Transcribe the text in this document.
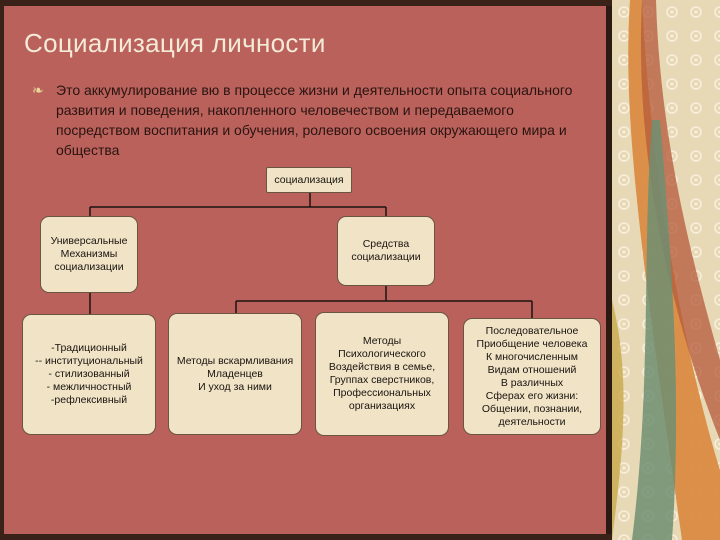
Социализация личности
❧ Это аккумулирование вю в процессе жизни и деятельности опыта социального развития и поведения, накопленного человечеством и передаваемого посредством воспитания и обучения, ролевого освоения окружающего мира и общества
социализация
Универсальные
Механизмы
социализации
Средства
социализации
-Традиционный
-- институциональный
- стилизованный
- межличностный
-рефлексивный
Методы вскармливания
Младенцев
И уход за ними
Методы
Психологического
Воздействия в семье,
Группах сверстников,
Профессиональных
организациях
Последовательное
Приобщение человека
К многочисленным
Видам отношений
В различных
Сферах его жизни:
Общении, познании,
деятельности
